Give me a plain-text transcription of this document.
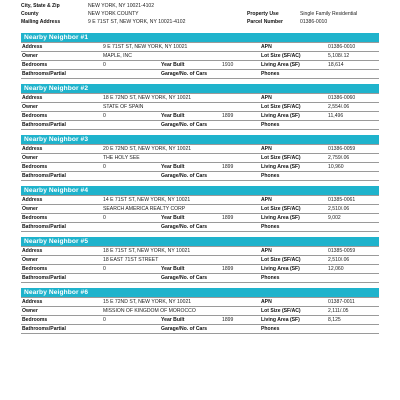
City, State & Zip	NEW YORK, NY 10021-4102
County	NEW YORK COUNTY	Property Use	Single Family Residential
Mailing Address	9 E 71ST ST, NEW YORK, NY 10021-4102	Parcel Number	01386-0010
Nearby Neighbor #1
Address	9 E 71ST ST, NEW YORK, NY 10021	APN	01386-0010
Owner	MAPLE, INC	Lot Size (SF/AC)	5,108/.12
Bedrooms	0	Year Built	1910	Living Area (SF)	18,614
Bathrooms/Partial	Garage/No. of Cars	Phones
Nearby Neighbor #2
Address	18 E 72ND ST, NEW YORK, NY 10021	APN	01386-0060
Owner	STATE OF SPAIN	Lot Size (SF/AC)	2,554/.06
Bedrooms	0	Year Built	1899	Living Area (SF)	11,496
Bathrooms/Partial	Garage/No. of Cars	Phones
Nearby Neighbor #3
Address	20 E 72ND ST, NEW YORK, NY 10021	APN	01386-0059
Owner	THE HOLY SEE	Lot Size (SF/AC)	2,759/.06
Bedrooms	0	Year Built	1899	Living Area (SF)	10,960
Bathrooms/Partial	Garage/No. of Cars	Phones
Nearby Neighbor #4
Address	14 E 71ST ST, NEW YORK, NY 10021	APN	01385-0061
Owner	SEARCH AMERICA REALTY CORP	Lot Size (SF/AC)	2,510/.06
Bedrooms	0	Year Built	1899	Living Area (SF)	9,002
Bathrooms/Partial	Garage/No. of Cars	Phones
Nearby Neighbor #5
Address	18 E 71ST ST, NEW YORK, NY 10021	APN	01385-0059
Owner	18 EAST 71ST STREET	Lot Size (SF/AC)	2,510/.06
Bedrooms	0	Year Built	1899	Living Area (SF)	12,060
Bathrooms/Partial	Garage/No. of Cars	Phones
Nearby Neighbor #6
Address	15 E 72ND ST, NEW YORK, NY 10021	APN	01387-0011
Owner	MISSION OF KINGDOM OF MOROCCO	Lot Size (SF/AC)	2,111/.05
Bedrooms	0	Year Built	1899	Living Area (SF)	8,125
Bathrooms/Partial	Garage/No. of Cars	Phones
